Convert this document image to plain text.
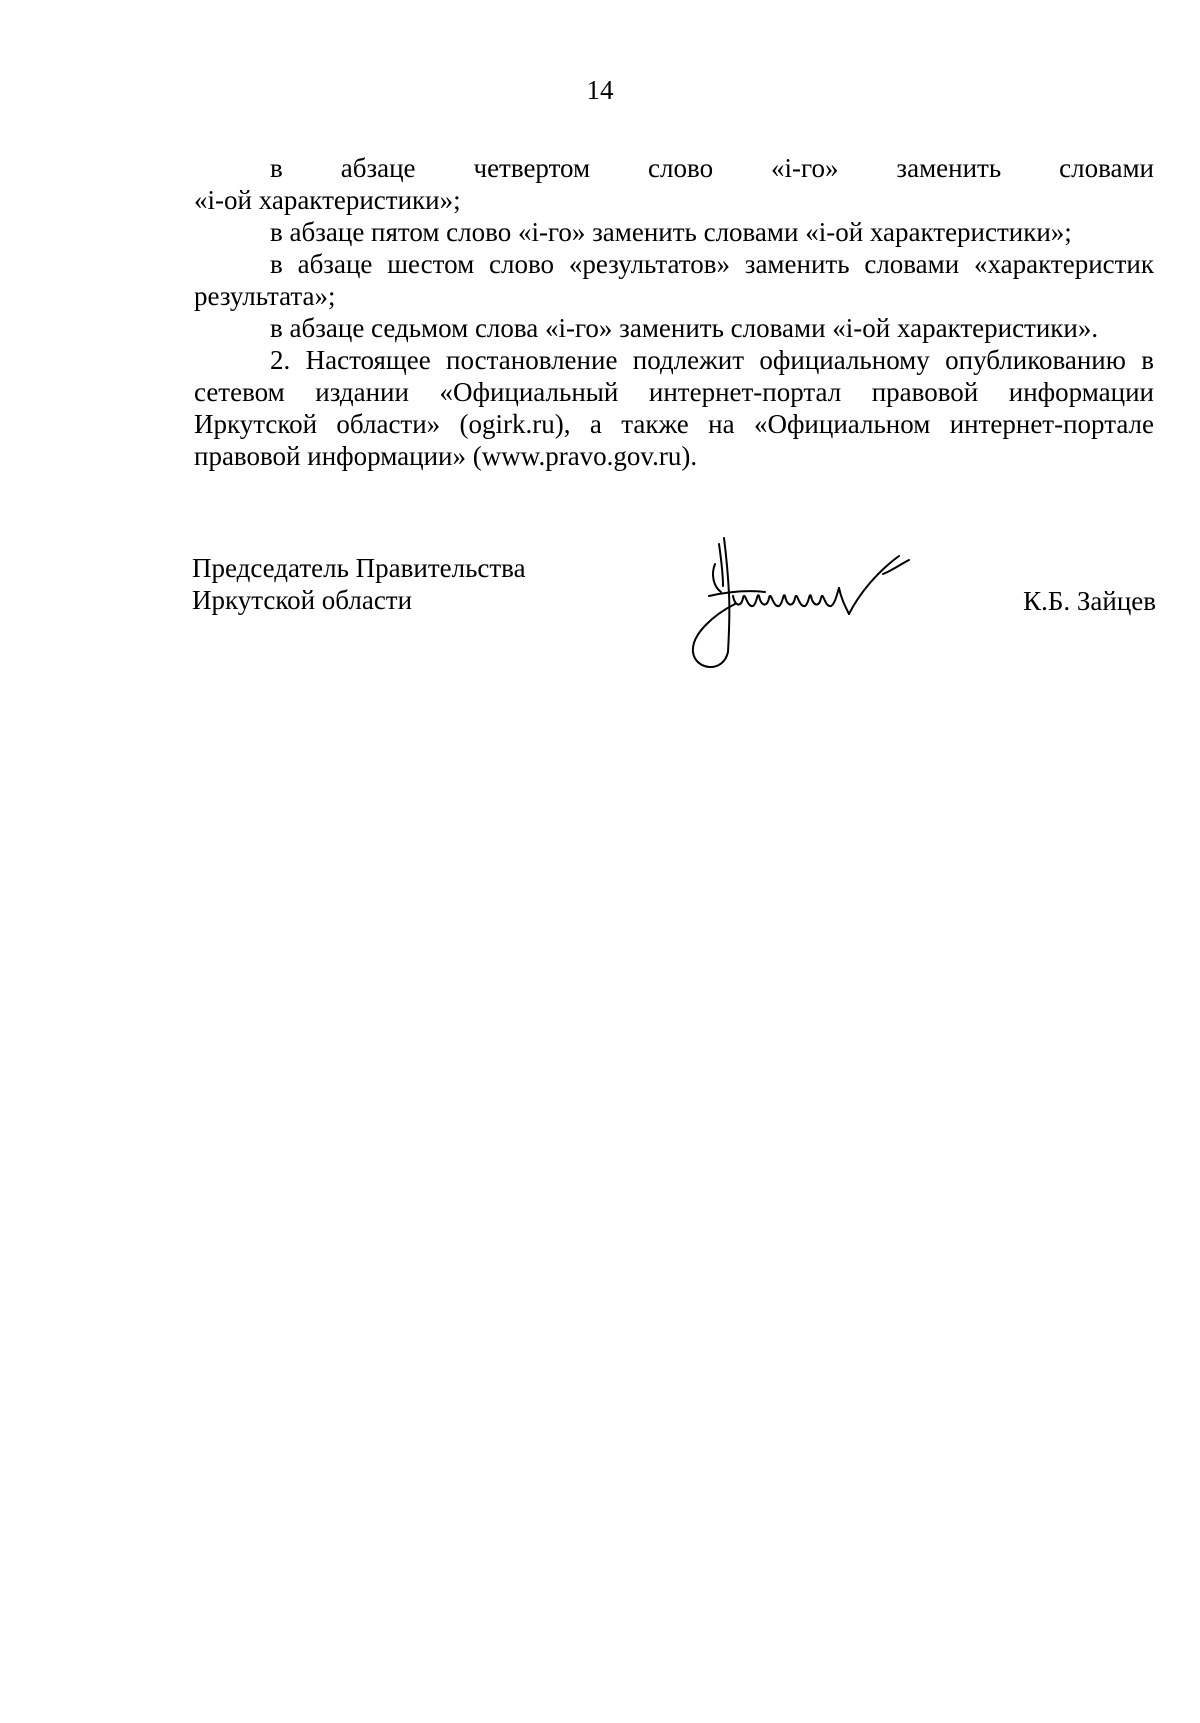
14

в абзаце четвертом слово «i-го» заменить словами

«i-ой характеристики»;

в абзаце пятом слово «i-го» заменить словами «i-ой характеристики»;

в абзаце шестом слово «результатов» заменить словами «характеристик результата»;

в абзаце седьмом слова «i-го» заменить словами «i-ой характеристики».

2. Настоящее постановление подлежит официальному опубликованию в сетевом издании «Официальный интернет-портал правовой информации Иркутской области» (ogirk.ru), а также на «Официальном интернет-портале правовой информации» (www.pravo.gov.ru).

Председатель Правительства
Иркутской области	К.Б. Зайцев
